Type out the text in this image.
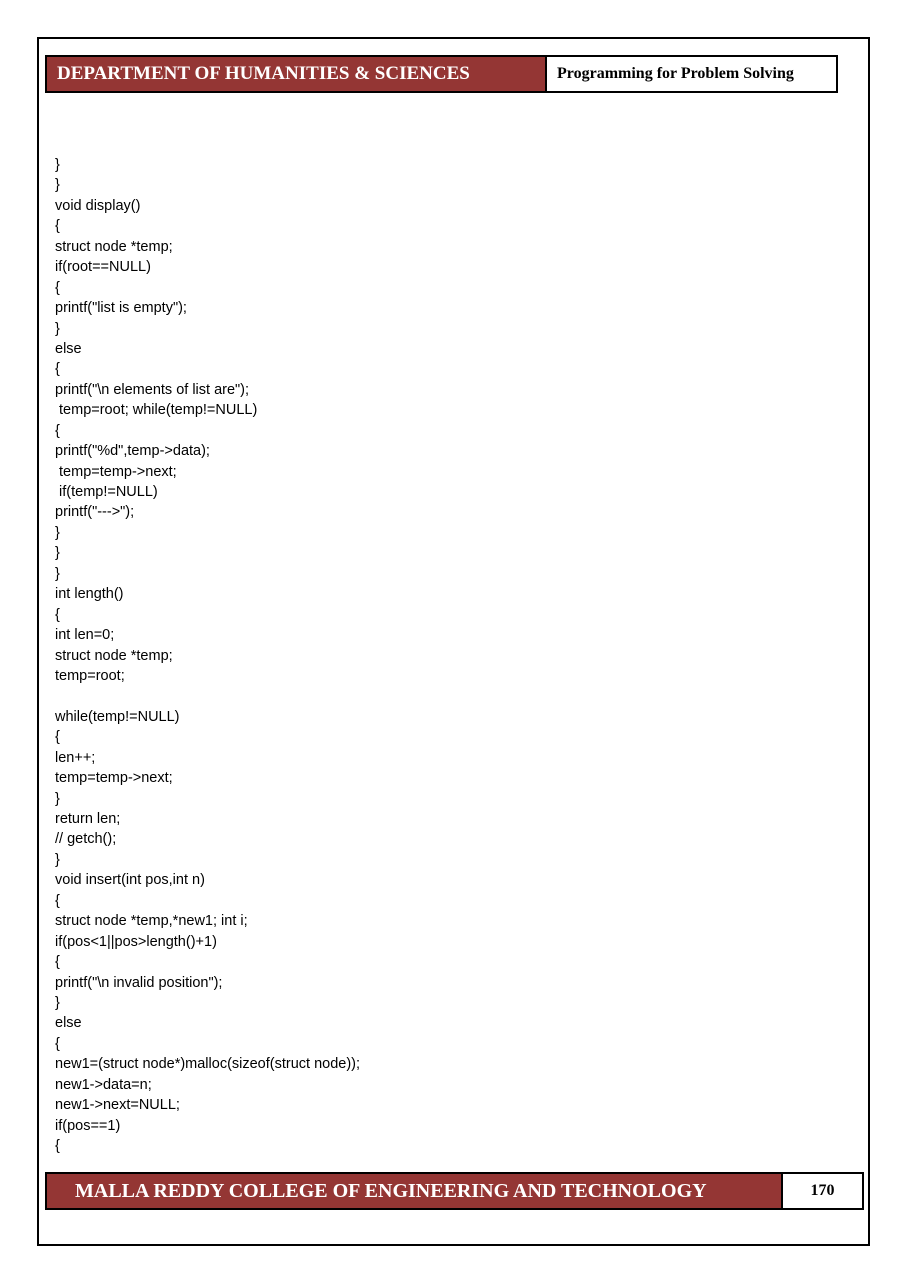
DEPARTMENT OF HUMANITIES & SCIENCES	Programming for Problem Solving
}
}
void display()
{
struct node *temp;
if(root==NULL)
{
printf("list is empty");
}
else
{
printf("\n elements of list are");
temp=root; while(temp!=NULL)
{
printf("%d",temp->data);
temp=temp->next;
if(temp!=NULL)
printf("--->");
}
}
}
int length()
{
int len=0;
struct node *temp;
temp=root;
while(temp!=NULL)
{
len++;
temp=temp->next;
}
return len;
// getch();
}
void insert(int pos,int n)
{
struct node *temp,*new1; int i;
if(pos<1||pos>length()+1)
{
printf("\n invalid position");
}
else
{
new1=(struct node*)malloc(sizeof(struct node));
new1->data=n;
new1->next=NULL;
if(pos==1)
{
MALLA REDDY COLLEGE OF ENGINEERING AND TECHNOLOGY	170
